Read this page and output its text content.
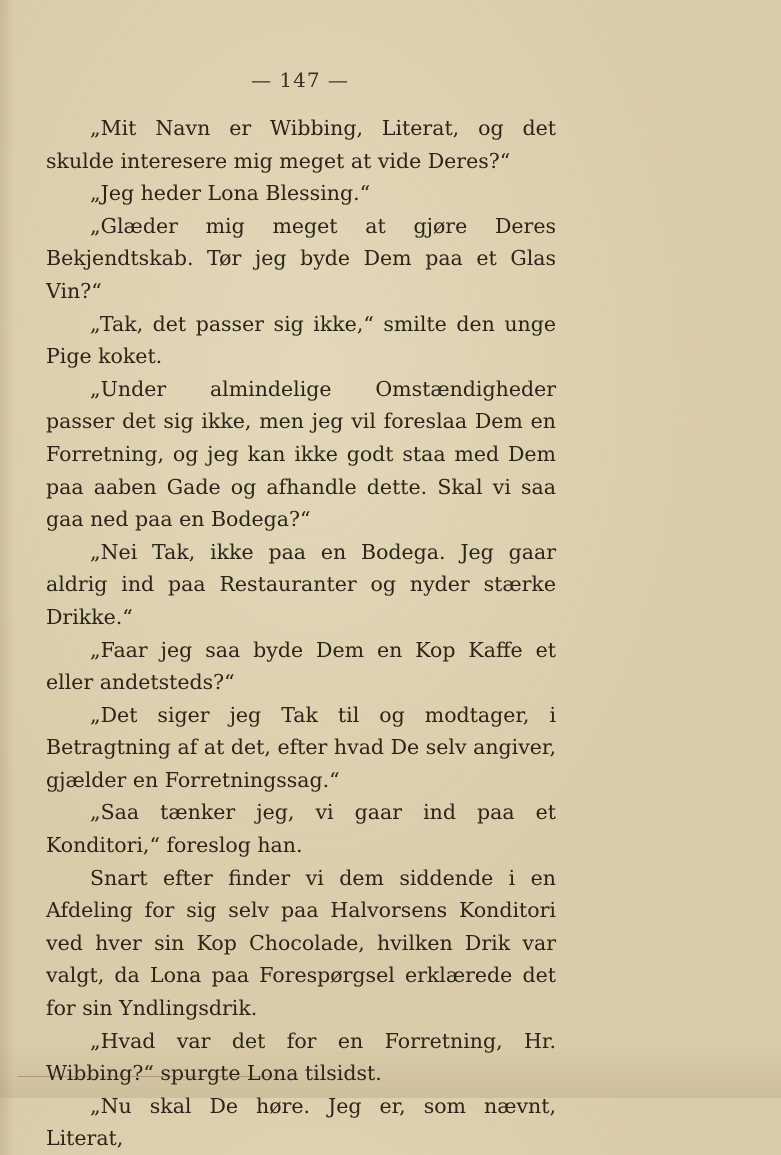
— 147 —

„Mit Navn er Wibbing, Literat, og det skulde interesere mig meget at vide Deres?“

„Jeg heder Lona Blessing.“

„Glæder mig meget at gjøre Deres Bekjendtskab. Tør jeg byde Dem paa et Glas Vin?“

„Tak, det passer sig ikke,“ smilte den unge Pige koket.

„Under almindelige Omstændigheder passer det sig ikke, men jeg vil foreslaa Dem en Forretning, og jeg kan ikke godt staa med Dem paa aaben Gade og afhandle dette. Skal vi saa gaa ned paa en Bodega?“

„Nei Tak, ikke paa en Bodega. Jeg gaar aldrig ind paa Restauranter og nyder stærke Drikke.“

„Faar jeg saa byde Dem en Kop Kaffe et eller andetsteds?“

„Det siger jeg Tak til og modtager, i Betragtning af at det, efter hvad De selv angiver, gjælder en Forretningssag.“

„Saa tænker jeg, vi gaar ind paa et Konditori,“ foreslog han.

Snart efter finder vi dem siddende i en Afdeling for sig selv paa Halvorsens Konditori ved hver sin Kop Chocolade, hvilken Drik var valgt, da Lona paa Forespørgsel erklærede det for sin Yndlingsdrik.

„Hvad var det for en Forretning, Hr. Wibbing?“ spurgte Lona tilsidst.

„Nu skal De høre. Jeg er, som nævnt, Literat,
